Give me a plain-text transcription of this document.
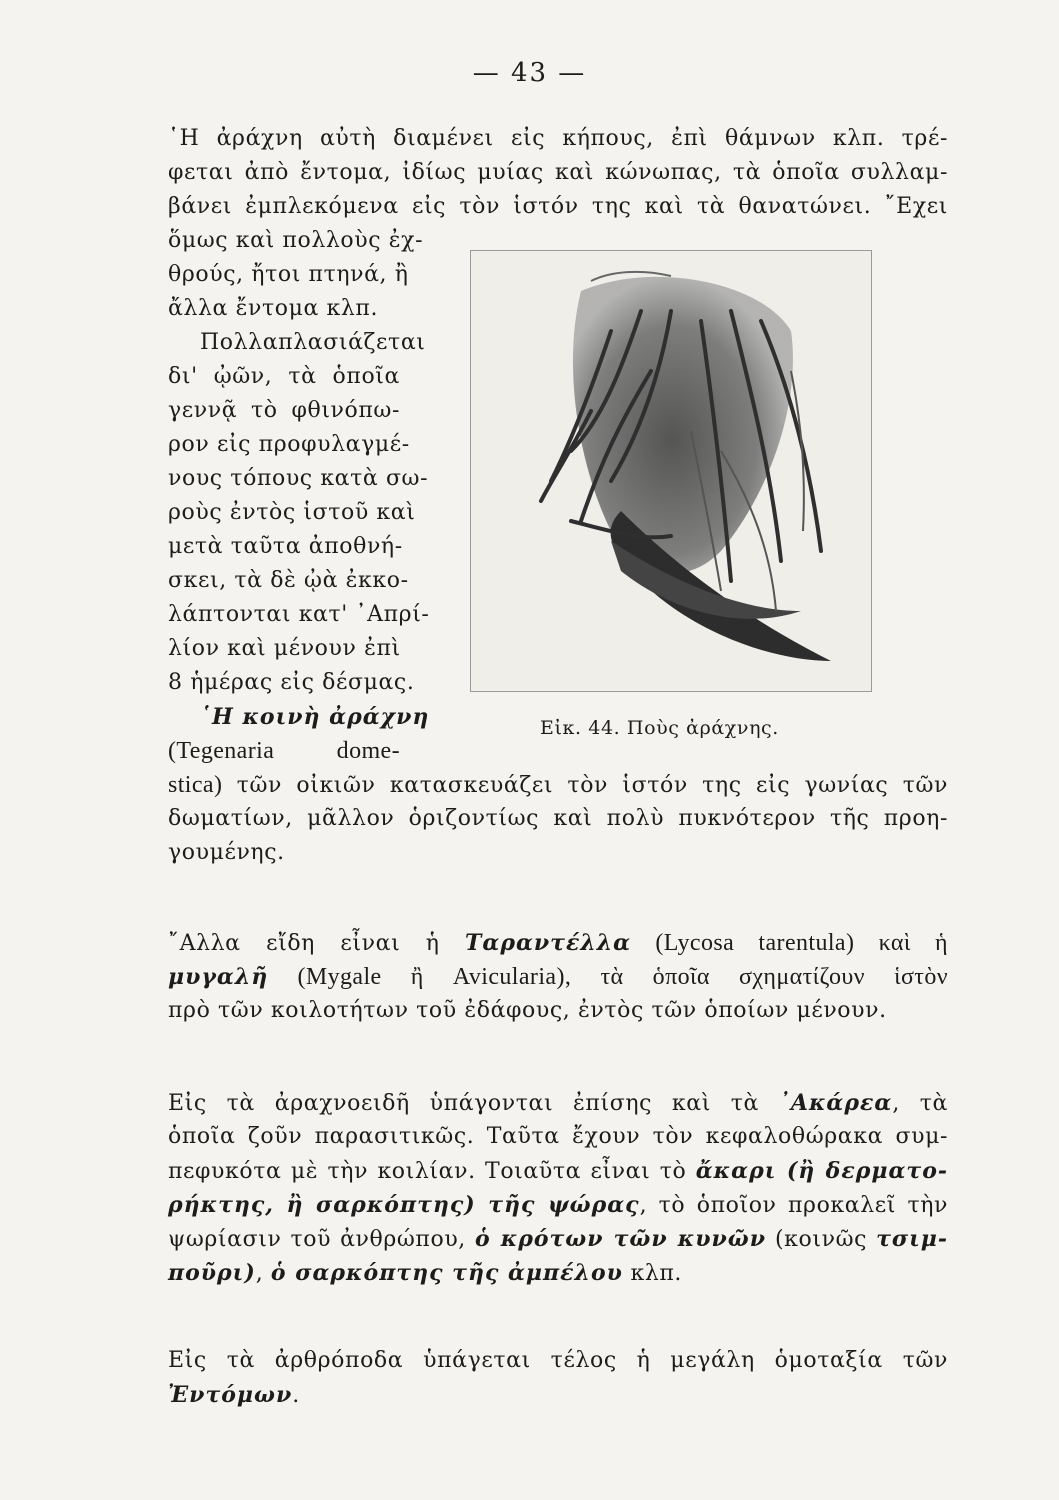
— 43 —
῾Η ἀράχνη αὐτὴ διαμένει εἰς κήπους, ἐπὶ θάμνων κλπ. τρέ-
φεται ἀπὸ ἔντομα, ἰδίως μυίας καὶ κώνωπας, τὰ ὁποῖα συλλαμ-
βάνει ἐμπλεκόμενα εἰς τὸν ἱστόν της καὶ τὰ θανατώνει. ῎Εχει
ὅμως καὶ πολλοὺς ἐχ-
θρούς, ἤτοι πτηνά, ἢ
ἄλλα ἔντομα κλπ.
Πολλαπλασιάζεται
δι' ᾠῶν, τὰ ὁποῖα
γεννᾷ τὸ φθινόπω-
ρον εἰς προφυλαγμέ-
νους τόπους κατὰ σω-
ροὺς ἐντὸς ἱστοῦ καὶ
μετὰ ταῦτα ἀποθνή-
σκει, τὰ δὲ ᾠὰ ἐκκο-
λάπτονται κατ' ᾽Απρί-
λίον καὶ μένουν ἐπὶ
8 ἡμέρας εἰς δέσμας.
῾Η κοινὴ ἀράχνη
(Tegenaria dome-
stica) τῶν οἰκιῶν κατασκευάζει τὸν ἱστόν της εἰς γωνίας τῶν
δωματίων, μᾶλλον ὁριζοντίως καὶ πολὺ πυκνότερον τῆς προη-
γουμένης.
Εἰκ. 44. Ποὺς ἀράχνης.
῎Αλλα εἴδη εἶναι ἡ Ταραντέλλα (Lycosa tarentula) καὶ ἡ
μυγαλῆ (Mygale ἢ Avicularia), τὰ ὁποῖα σχηματίζουν ἱστὸν
πρὸ τῶν κοιλοτήτων τοῦ ἐδάφους, ἐντὸς τῶν ὁποίων μένουν.
Εἰς τὰ ἀραχνοειδῆ ὑπάγονται ἐπίσης καὶ τὰ ᾽Ακάρεα, τὰ
ὁποῖα ζοῦν παρασιτικῶς. Ταῦτα ἔχουν τὸν κεφαλοθώρακα συμ-
πεφυκότα μὲ τὴν κοιλίαν. Τοιαῦτα εἶναι τὸ ἄκαρι (ἢ δερματο-
ρήκτης, ἢ σαρκόπτης) τῆς ψώρας, τὸ ὁποῖον προκαλεῖ τὴν
ψωρίασιν τοῦ ἀνθρώπου, ὁ κρότων τῶν κυνῶν (κοινῶς τσιμ-
ποῦρι), ὁ σαρκόπτης τῆς ἀμπέλου κλπ.
Εἰς τὰ ἀρθρόποδα ὑπάγεται τέλος ἡ μεγάλη ὁμοταξία τῶν
Ἐντόμων.
